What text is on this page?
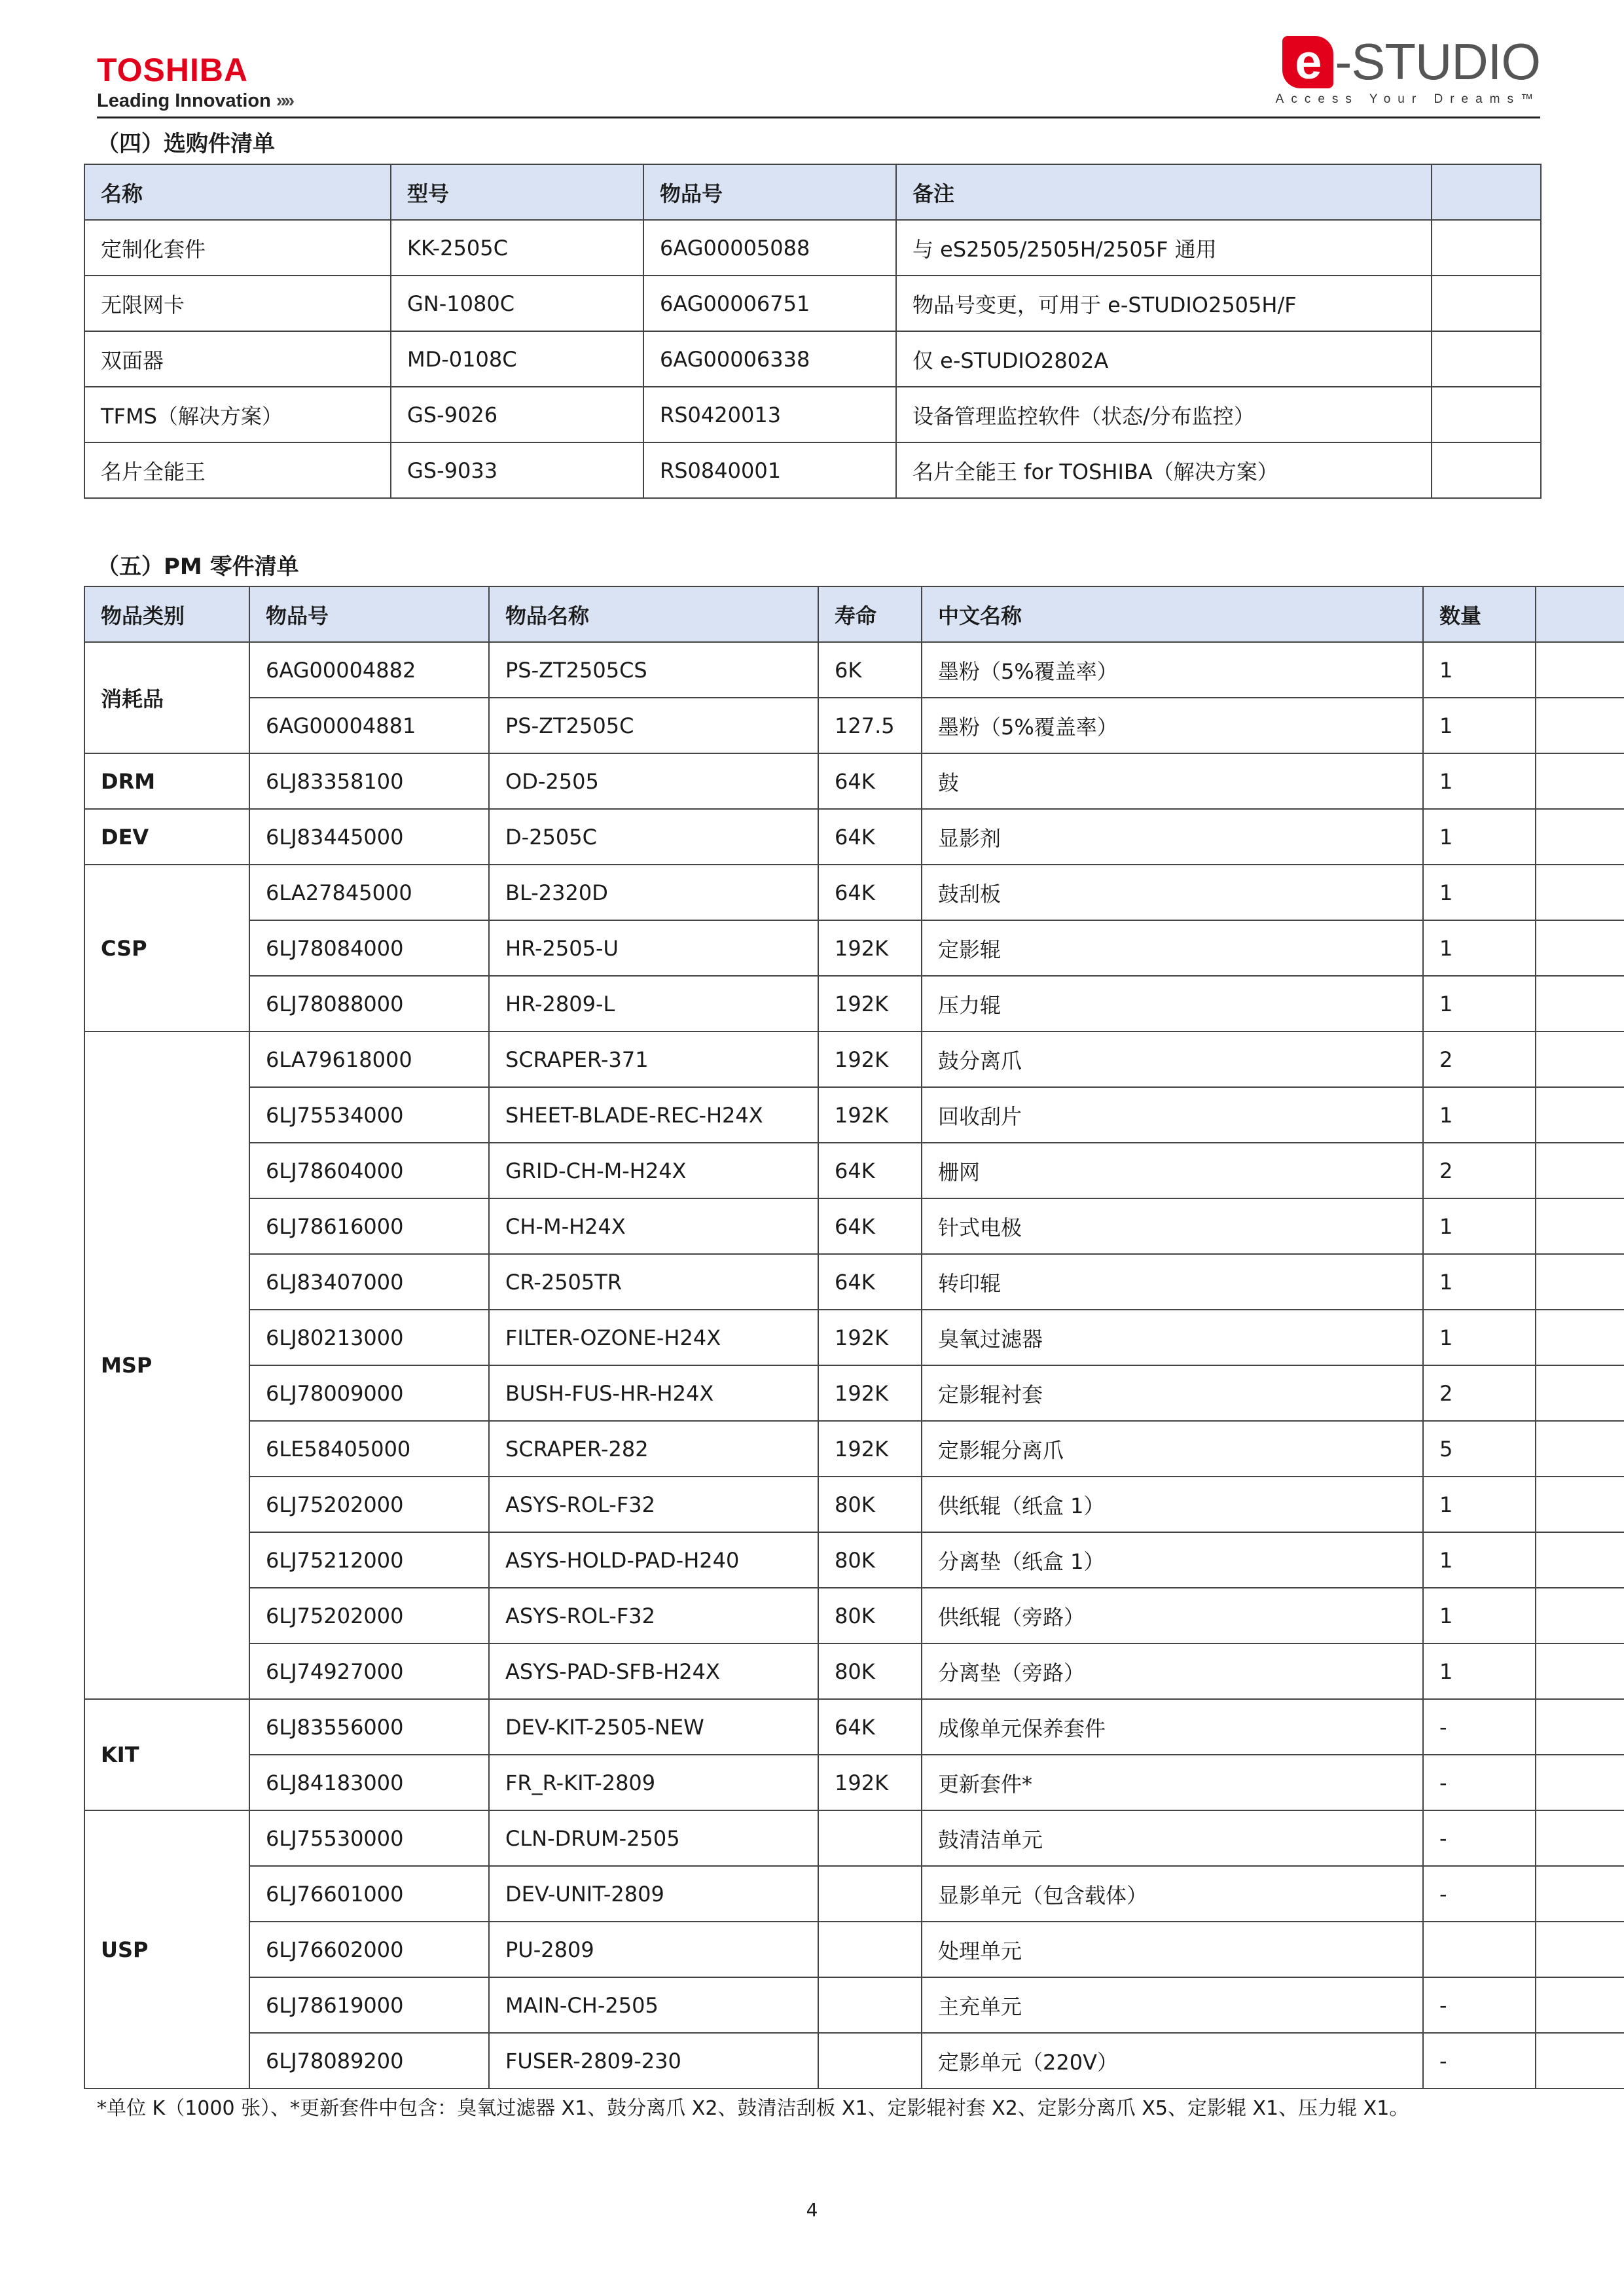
TOSHIBA
Leading Innovation »»
e -STUDIO
Access Your Dreams™
（四）选购件清单
名称	型号	物品号	备注	
定制化套件	KK-2505C	6AG00005088	与 eS2505/2505H/2505F 通用	
无限网卡	GN-1080C	6AG00006751	物品号变更，可用于 e-STUDIO2505H/F	
双面器	MD-0108C	6AG00006338	仅 e-STUDIO2802A	
TFMS（解决方案）	GS-9026	RS0420013	设备管理监控软件（状态/分布监控）	
名片全能王	GS-9033	RS0840001	名片全能王 for TOSHIBA（解决方案）	
（五）PM 零件清单
物品类别	物品号	物品名称	寿命	中文名称	数量	
消耗品	6AG00004882	PS-ZT2505CS	6K	墨粉（5%覆盖率）	1	
	6AG00004881	PS-ZT2505C	127.5	墨粉（5%覆盖率）	1	
DRM	6LJ83358100	OD-2505	64K	鼓	1	
DEV	6LJ83445000	D-2505C	64K	显影剂	1	
CSP	6LA27845000	BL-2320D	64K	鼓刮板	1	
	6LJ78084000	HR-2505-U	192K	定影辊	1	
	6LJ78088000	HR-2809-L	192K	压力辊	1	
MSP	6LA79618000	SCRAPER-371	192K	鼓分离爪	2	
	6LJ75534000	SHEET-BLADE-REC-H24X	192K	回收刮片	1	
	6LJ78604000	GRID-CH-M-H24X	64K	栅网	2	
	6LJ78616000	CH-M-H24X	64K	针式电极	1	
	6LJ83407000	CR-2505TR	64K	转印辊	1	
	6LJ80213000	FILTER-OZONE-H24X	192K	臭氧过滤器	1	
	6LJ78009000	BUSH-FUS-HR-H24X	192K	定影辊衬套	2	
	6LE58405000	SCRAPER-282	192K	定影辊分离爪	5	
	6LJ75202000	ASYS-ROL-F32	80K	供纸辊（纸盒 1）	1	
	6LJ75212000	ASYS-HOLD-PAD-H240	80K	分离垫（纸盒 1）	1	
	6LJ75202000	ASYS-ROL-F32	80K	供纸辊（旁路）	1	
	6LJ74927000	ASYS-PAD-SFB-H24X	80K	分离垫（旁路）	1	
KIT	6LJ83556000	DEV-KIT-2505-NEW	64K	成像单元保养套件	-	
	6LJ84183000	FR_R-KIT-2809	192K	更新套件*	-	
USP	6LJ75530000	CLN-DRUM-2505		鼓清洁单元	-	
	6LJ76601000	DEV-UNIT-2809		显影单元（包含载体）	-	
	6LJ76602000	PU-2809		处理单元		
	6LJ78619000	MAIN-CH-2505		主充单元	-	
	6LJ78089200	FUSER-2809-230		定影单元（220V）	-	
*单位 K（1000 张）、*更新套件中包含：臭氧过滤器 X1、鼓分离爪 X2、鼓清洁刮板 X1、定影辊衬套 X2、定影分离爪 X5、定影辊 X1、压力辊 X1。
4
